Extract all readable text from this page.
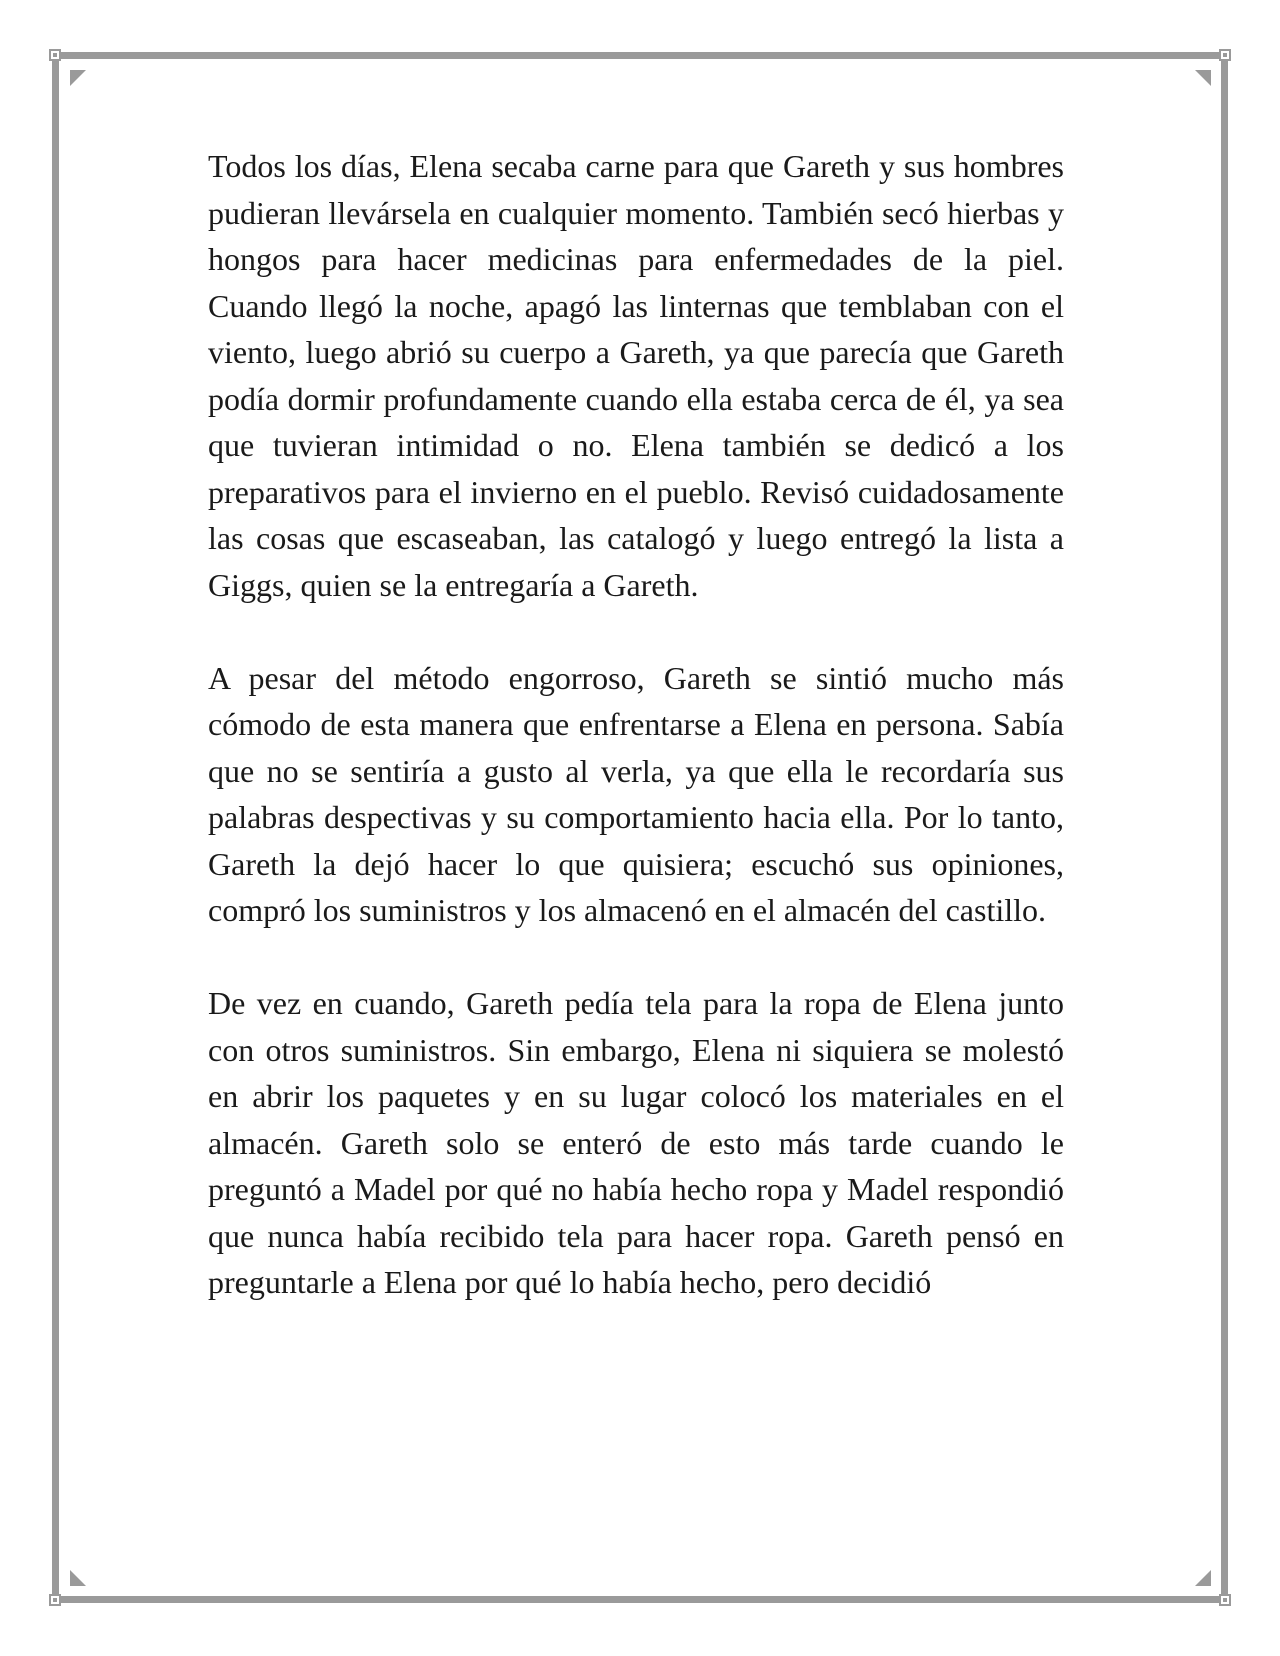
Todos los días, Elena secaba carne para que Gareth y sus hombres pudieran llevársela en cualquier momento. También secó hierbas y hongos para hacer medicinas para enfermedades de la piel. Cuando llegó la noche, apagó las linternas que temblaban con el viento, luego abrió su cuerpo a Gareth, ya que parecía que Gareth podía dormir profundamente cuando ella estaba cerca de él, ya sea que tuvieran intimidad o no. Elena también se dedicó a los preparativos para el invierno en el pueblo. Revisó cuidadosamente las cosas que escaseaban, las catalogó y luego entregó la lista a Giggs, quien se la entregaría a Gareth.

A pesar del método engorroso, Gareth se sintió mucho más cómodo de esta manera que enfrentarse a Elena en persona. Sabía que no se sentiría a gusto al verla, ya que ella le recordaría sus palabras despectivas y su comportamiento hacia ella. Por lo tanto, Gareth la dejó hacer lo que quisiera; escuchó sus opiniones, compró los suministros y los almacenó en el almacén del castillo.

De vez en cuando, Gareth pedía tela para la ropa de Elena junto con otros suministros. Sin embargo, Elena ni siquiera se molestó en abrir los paquetes y en su lugar colocó los materiales en el almacén. Gareth solo se enteró de esto más tarde cuando le preguntó a Madel por qué no había hecho ropa y Madel respondió que nunca había recibido tela para hacer ropa. Gareth pensó en preguntarle a Elena por qué lo había hecho, pero decidió
